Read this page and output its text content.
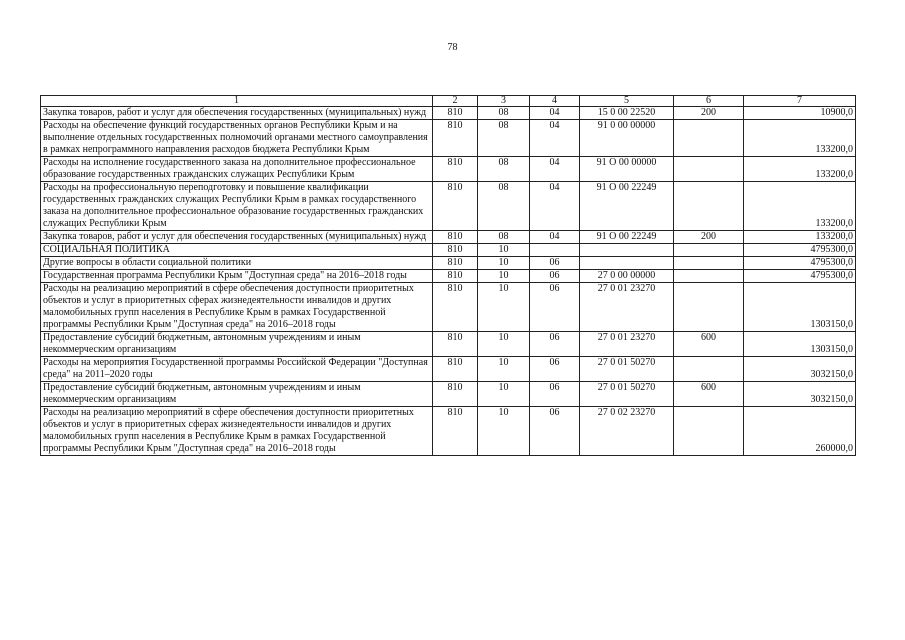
78
1	2	3	4	5	6	7
Закупка товаров, работ и услуг для обеспечения государственных (муниципальных) нужд	810	08	04	15 0 00 22520	200	10900,0
Расходы на обеспечение функций государственных органов Республики Крым и на выполнение отдельных государственных полномочий органами местного самоуправления в рамках непрограммного направления расходов бюджета Республики Крым	810	08	04	91 0 00 00000		133200,0
Расходы на исполнение государственного заказа на дополнительное профессиональное образование государственных гражданских служащих Республики Крым	810	08	04	91 О 00 00000		133200,0
Расходы на профессиональную переподготовку и повышение квалификации государственных гражданских служащих Республики Крым в рамках государственного заказа на дополнительное профессиональное образование государственных гражданских служащих Республики Крым	810	08	04	91 О 00 22249		133200,0
Закупка товаров, работ и услуг для обеспечения государственных (муниципальных) нужд	810	08	04	91 О 00 22249	200	133200,0
СОЦИАЛЬНАЯ ПОЛИТИКА	810	10				4795300,0
Другие вопросы в области социальной политики	810	10	06			4795300,0
Государственная программа Республики Крым "Доступная среда" на 2016–2018 годы	810	10	06	27 0 00 00000		4795300,0
Расходы на реализацию мероприятий в сфере обеспечения доступности приоритетных объектов и услуг в приоритетных сферах жизнедеятельности инвалидов и других маломобильных групп населения в Республике Крым в рамках Государственной программы Республики Крым "Доступная среда" на 2016–2018 годы	810	10	06	27 0 01 23270		1303150,0
Предоставление субсидий бюджетным, автономным учреждениям и иным некоммерческим организациям	810	10	06	27 0 01 23270	600	1303150,0
Расходы на мероприятия Государственной программы Российской Федерации "Доступная среда" на 2011–2020 годы	810	10	06	27 0 01 50270		3032150,0
Предоставление субсидий бюджетным, автономным учреждениям и иным некоммерческим организациям	810	10	06	27 0 01 50270	600	3032150,0
Расходы на реализацию мероприятий в сфере обеспечения доступности приоритетных объектов и услуг в приоритетных сферах жизнедеятельности инвалидов и других маломобильных групп населения в Республике Крым в рамках Государственной программы Республики Крым "Доступная среда" на 2016–2018 годы	810	10	06	27 0 02 23270		260000,0
